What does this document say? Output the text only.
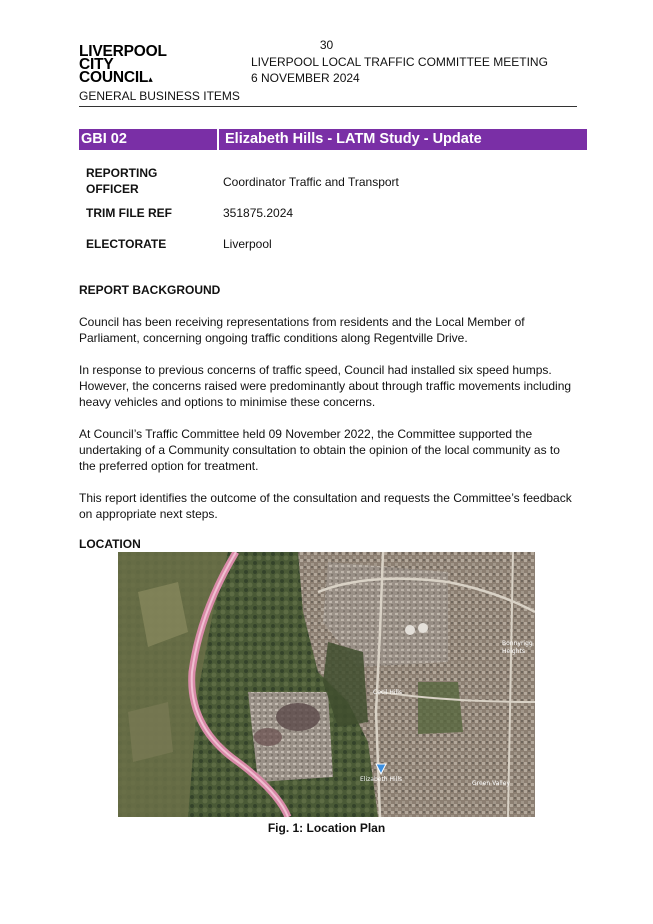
30
LIVERPOOL
CITY
COUNCIL▴
LIVERPOOL LOCAL TRAFFIC COMMITTEE MEETING
6 NOVEMBER 2024
GENERAL BUSINESS ITEMS
GBI 02	Elizabeth Hills - LATM Study - Update
REPORTING
OFFICER	Coordinator Traffic and Transport
TRIM FILE REF	351875.2024
ELECTORATE	Liverpool
REPORT BACKGROUND
Council has been receiving representations from residents and the Local Member of Parliament, concerning ongoing traffic conditions along Regentville Drive.
In response to previous concerns of traffic speed, Council had installed six speed humps. However, the concerns raised were predominantly about through traffic movements including heavy vehicles and options to minimise these concerns.
At Council’s Traffic Committee held 09 November 2022, the Committee supported the undertaking of a Community consultation to obtain the opinion of the local community as to the preferred option for treatment.
This report identifies the outcome of the consultation and requests the Committee’s feedback on appropriate next steps.
LOCATION
Bonnyrigg
Heights
Cecil Hills
Elizabeth Hills
Green Valley
Fig. 1: Location Plan
